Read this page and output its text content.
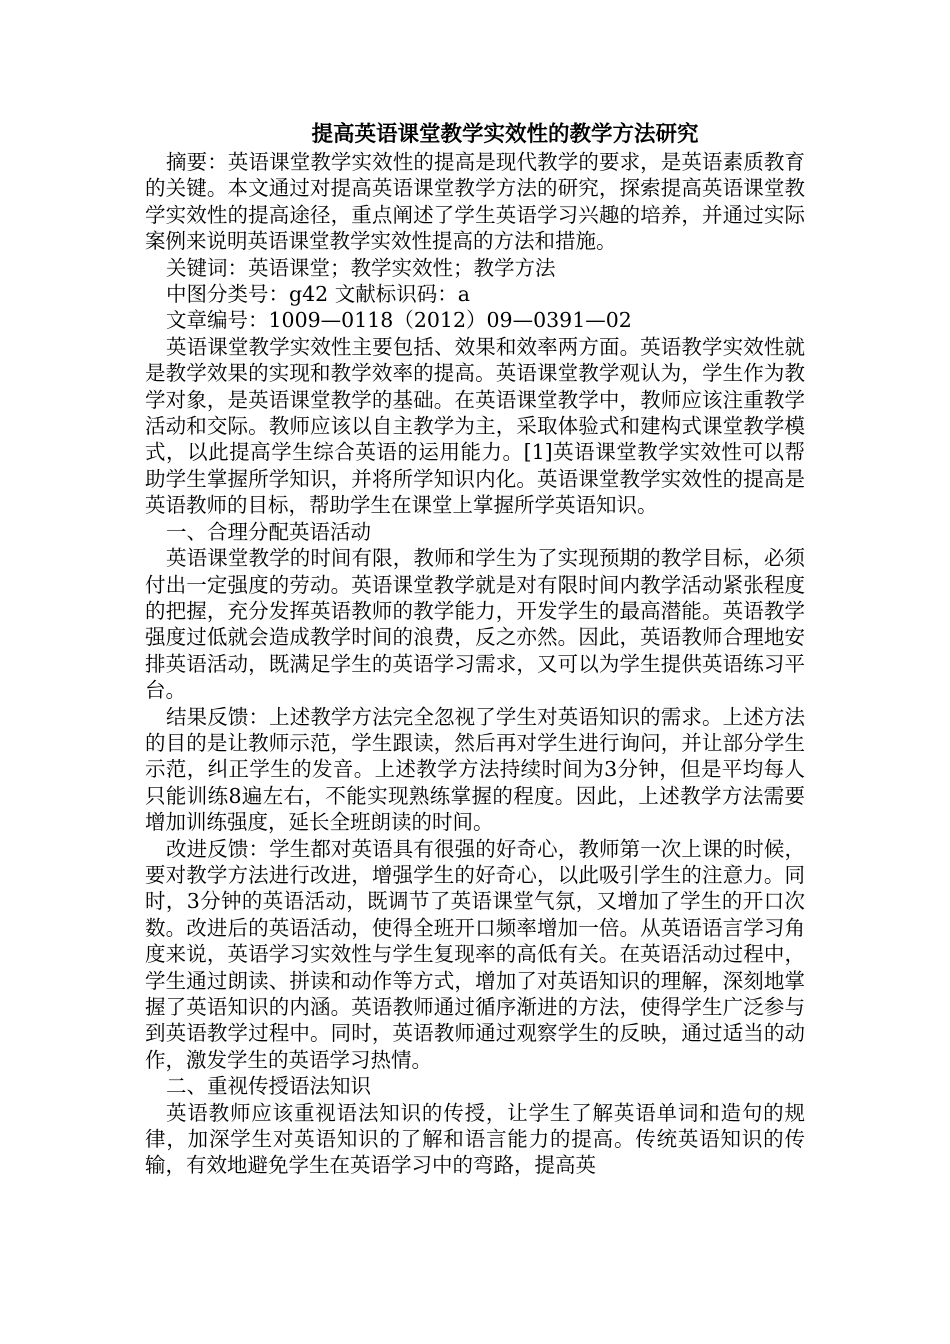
提高英语课堂教学实效性的教学方法研究

摘要：英语课堂教学实效性的提高是现代教学的要求，是英语素质教育的关键。本文通过对提高英语课堂教学方法的研究，探索提高英语课堂教学实效性的提高途径，重点阐述了学生英语学习兴趣的培养，并通过实际案例来说明英语课堂教学实效性提高的方法和措施。

关键词：英语课堂；教学实效性；教学方法

中图分类号：g42 文献标识码：a

文章编号：1009—0118（2012）09—0391—02

英语课堂教学实效性主要包括、效果和效率两方面。英语教学实效性就是教学效果的实现和教学效率的提高。英语课堂教学观认为，学生作为教学对象，是英语课堂教学的基础。在英语课堂教学中，教师应该注重教学活动和交际。教师应该以自主教学为主，采取体验式和建构式课堂教学模式，以此提高学生综合英语的运用能力。[1]英语课堂教学实效性可以帮助学生掌握所学知识，并将所学知识内化。英语课堂教学实效性的提高是英语教师的目标，帮助学生在课堂上掌握所学英语知识。

一、合理分配英语活动

英语课堂教学的时间有限，教师和学生为了实现预期的教学目标，必须付出一定强度的劳动。英语课堂教学就是对有限时间内教学活动紧张程度的把握，充分发挥英语教师的教学能力，开发学生的最高潜能。英语教学强度过低就会造成教学时间的浪费，反之亦然。因此，英语教师合理地安排英语活动，既满足学生的英语学习需求，又可以为学生提供英语练习平台。

结果反馈：上述教学方法完全忽视了学生对英语知识的需求。上述方法的目的是让教师示范，学生跟读，然后再对学生进行询问，并让部分学生示范，纠正学生的发音。上述教学方法持续时间为3分钟，但是平均每人只能训练8遍左右，不能实现熟练掌握的程度。因此，上述教学方法需要增加训练强度，延长全班朗读的时间。

改进反馈：学生都对英语具有很强的好奇心，教师第一次上课的时候，要对教学方法进行改进，增强学生的好奇心，以此吸引学生的注意力。同时，3分钟的英语活动，既调节了英语课堂气氛，又增加了学生的开口次数。改进后的英语活动，使得全班开口频率增加一倍。从英语语言学习角度来说，英语学习实效性与学生复现率的高低有关。在英语活动过程中，学生通过朗读、拼读和动作等方式，增加了对英语知识的理解，深刻地掌握了英语知识的内涵。英语教师通过循序渐进的方法，使得学生广泛参与到英语教学过程中。同时，英语教师通过观察学生的反映，通过适当的动作，激发学生的英语学习热情。

二、重视传授语法知识

英语教师应该重视语法知识的传授，让学生了解英语单词和造句的规律，加深学生对英语知识的了解和语言能力的提高。传统英语知识的传输，有效地避免学生在英语学习中的弯路，提高英
